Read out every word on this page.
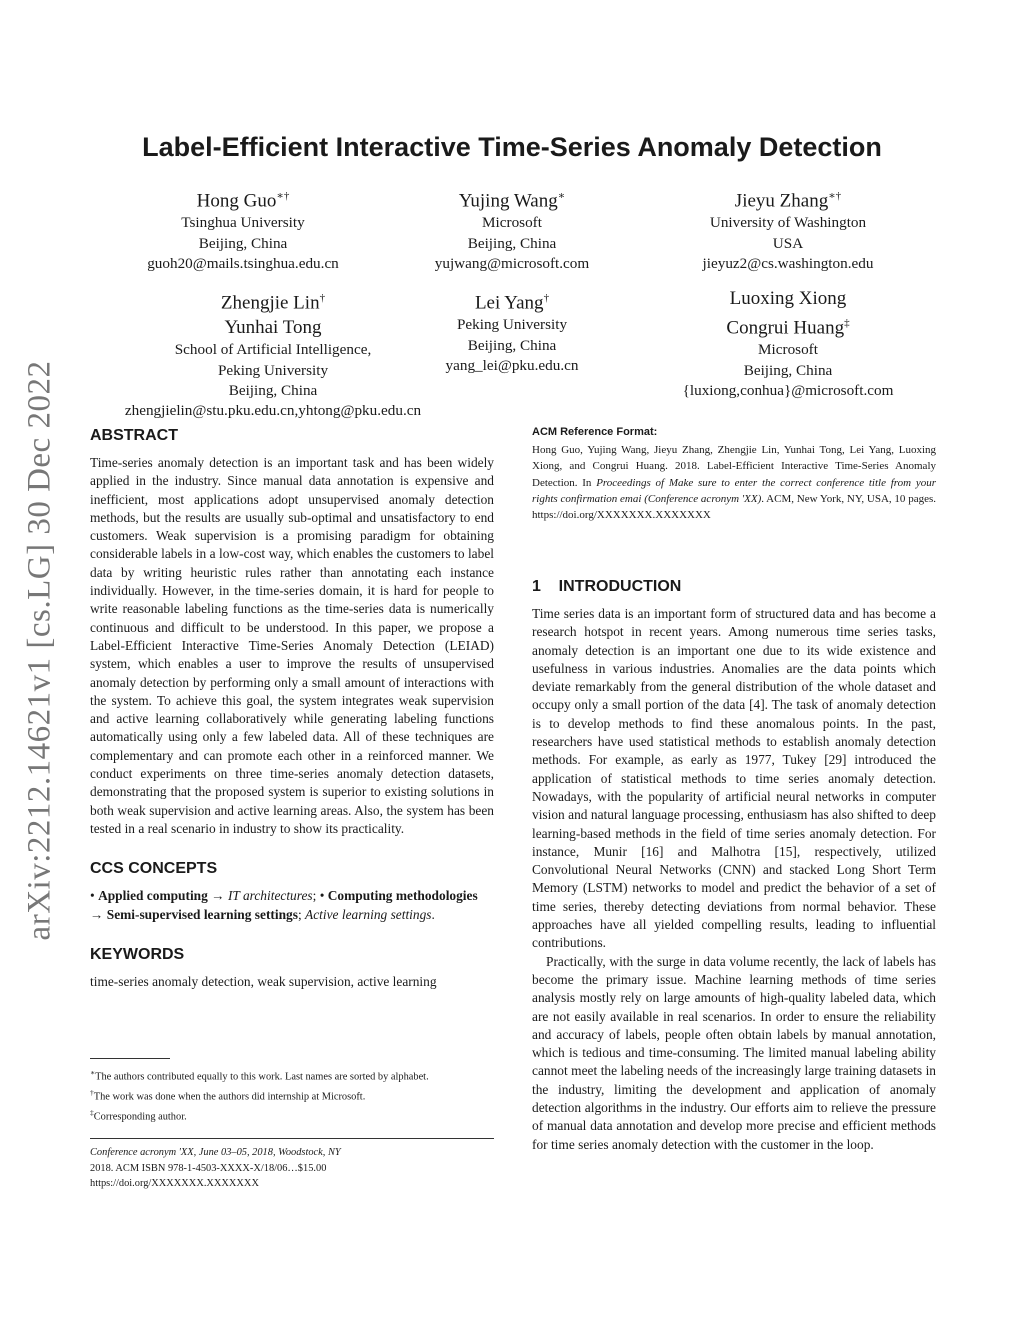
arXiv:2212.14621v1 [cs.LG] 30 Dec 2022
Label-Efficient Interactive Time-Series Anomaly Detection
Hong Guo∗†
Tsinghua University
Beijing, China
guoh20@mails.tsinghua.edu.cn
Yujing Wang∗
Microsoft
Beijing, China
yujwang@microsoft.com
Jieyu Zhang∗†
University of Washington
USA
jieyuz2@cs.washington.edu
Zhengjie Lin†
Yunhai Tong
School of Artificial Intelligence,
Peking University
Beijing, China
zhengjielin@stu.pku.edu.cn,yhtong@pku.edu.cn
Lei Yang†
Peking University
Beijing, China
yang_lei@pku.edu.cn
Luoxing Xiong
Congrui Huang‡
Microsoft
Beijing, China
{luxiong,conhua}@microsoft.com
ABSTRACT

Time-series anomaly detection is an important task and has been widely applied in the industry. Since manual data annotation is expensive and inefficient, most applications adopt unsupervised anomaly detection methods, but the results are usually sub-optimal and unsatisfactory to end customers. Weak supervision is a promising paradigm for obtaining considerable labels in a low-cost way, which enables the customers to label data by writing heuristic rules rather than annotating each instance individually. However, in the time-series domain, it is hard for people to write reasonable labeling functions as the time-series data is numerically continuous and difficult to be understood. In this paper, we propose a Label-Efficient Interactive Time-Series Anomaly Detection (LEIAD) system, which enables a user to improve the results of unsupervised anomaly detection by performing only a small amount of interactions with the system. To achieve this goal, the system integrates weak supervision and active learning collaboratively while generating labeling functions automatically using only a few labeled data. All of these techniques are complementary and can promote each other in a reinforced manner. We conduct experiments on three time-series anomaly detection datasets, demonstrating that the proposed system is superior to existing solutions in both weak supervision and active learning areas. Also, the system has been tested in a real scenario in industry to show its practicality.

CCS CONCEPTS

• Applied computing → IT architectures; • Computing methodologies → Semi-supervised learning settings; Active learning settings.

KEYWORDS

time-series anomaly detection, weak supervision, active learning

∗The authors contributed equally to this work. Last names are sorted by alphabet.
†The work was done when the authors did internship at Microsoft.
‡Corresponding author.
Conference acronym 'XX, June 03–05, 2018, Woodstock, NY
2018. ACM ISBN 978-1-4503-XXXX-X/18/06…$15.00
https://doi.org/XXXXXXX.XXXXXXX
ACM Reference Format:

Hong Guo, Yujing Wang, Jieyu Zhang, Zhengjie Lin, Yunhai Tong, Lei Yang, Luoxing Xiong, and Congrui Huang. 2018. Label-Efficient Interactive Time-Series Anomaly Detection. In Proceedings of Make sure to enter the correct conference title from your rights confirmation emai (Conference acronym 'XX). ACM, New York, NY, USA, 10 pages. https://doi.org/XXXXXXX.XXXXXXX

1    INTRODUCTION

Time series data is an important form of structured data and has become a research hotspot in recent years. Among numerous time series tasks, anomaly detection is an important one due to its wide existence and usefulness in various industries. Anomalies are the data points which deviate remarkably from the general distribution of the whole dataset and occupy only a small portion of the data [4]. The task of anomaly detection is to develop methods to find these anomalous points. In the past, researchers have used statistical methods to establish anomaly detection methods. For example, as early as 1977, Tukey [29] introduced the application of statistical methods to time series anomaly detection. Nowadays, with the popularity of artificial neural networks in computer vision and natural language processing, enthusiasm has also shifted to deep learning-based methods in the field of time series anomaly detection. For instance, Munir [16] and Malhotra [15], respectively, utilized Convolutional Neural Networks (CNN) and stacked Long Short Term Memory (LSTM) networks to model and predict the behavior of a set of time series, thereby detecting deviations from normal behavior. These approaches have all yielded compelling results, leading to influential contributions.

Practically, with the surge in data volume recently, the lack of labels has become the primary issue. Machine learning methods of time series analysis mostly rely on large amounts of high-quality labeled data, which are not easily available in real scenarios. In order to ensure the reliability and accuracy of labels, people often obtain labels by manual annotation, which is tedious and time-consuming. The limited manual labeling ability cannot meet the labeling needs of the increasingly large training datasets in the industry, limiting the development and application of anomaly detection algorithms in the industry. Our efforts aim to relieve the pressure of manual data annotation and develop more precise and efficient methods for time series anomaly detection with the customer in the loop.
